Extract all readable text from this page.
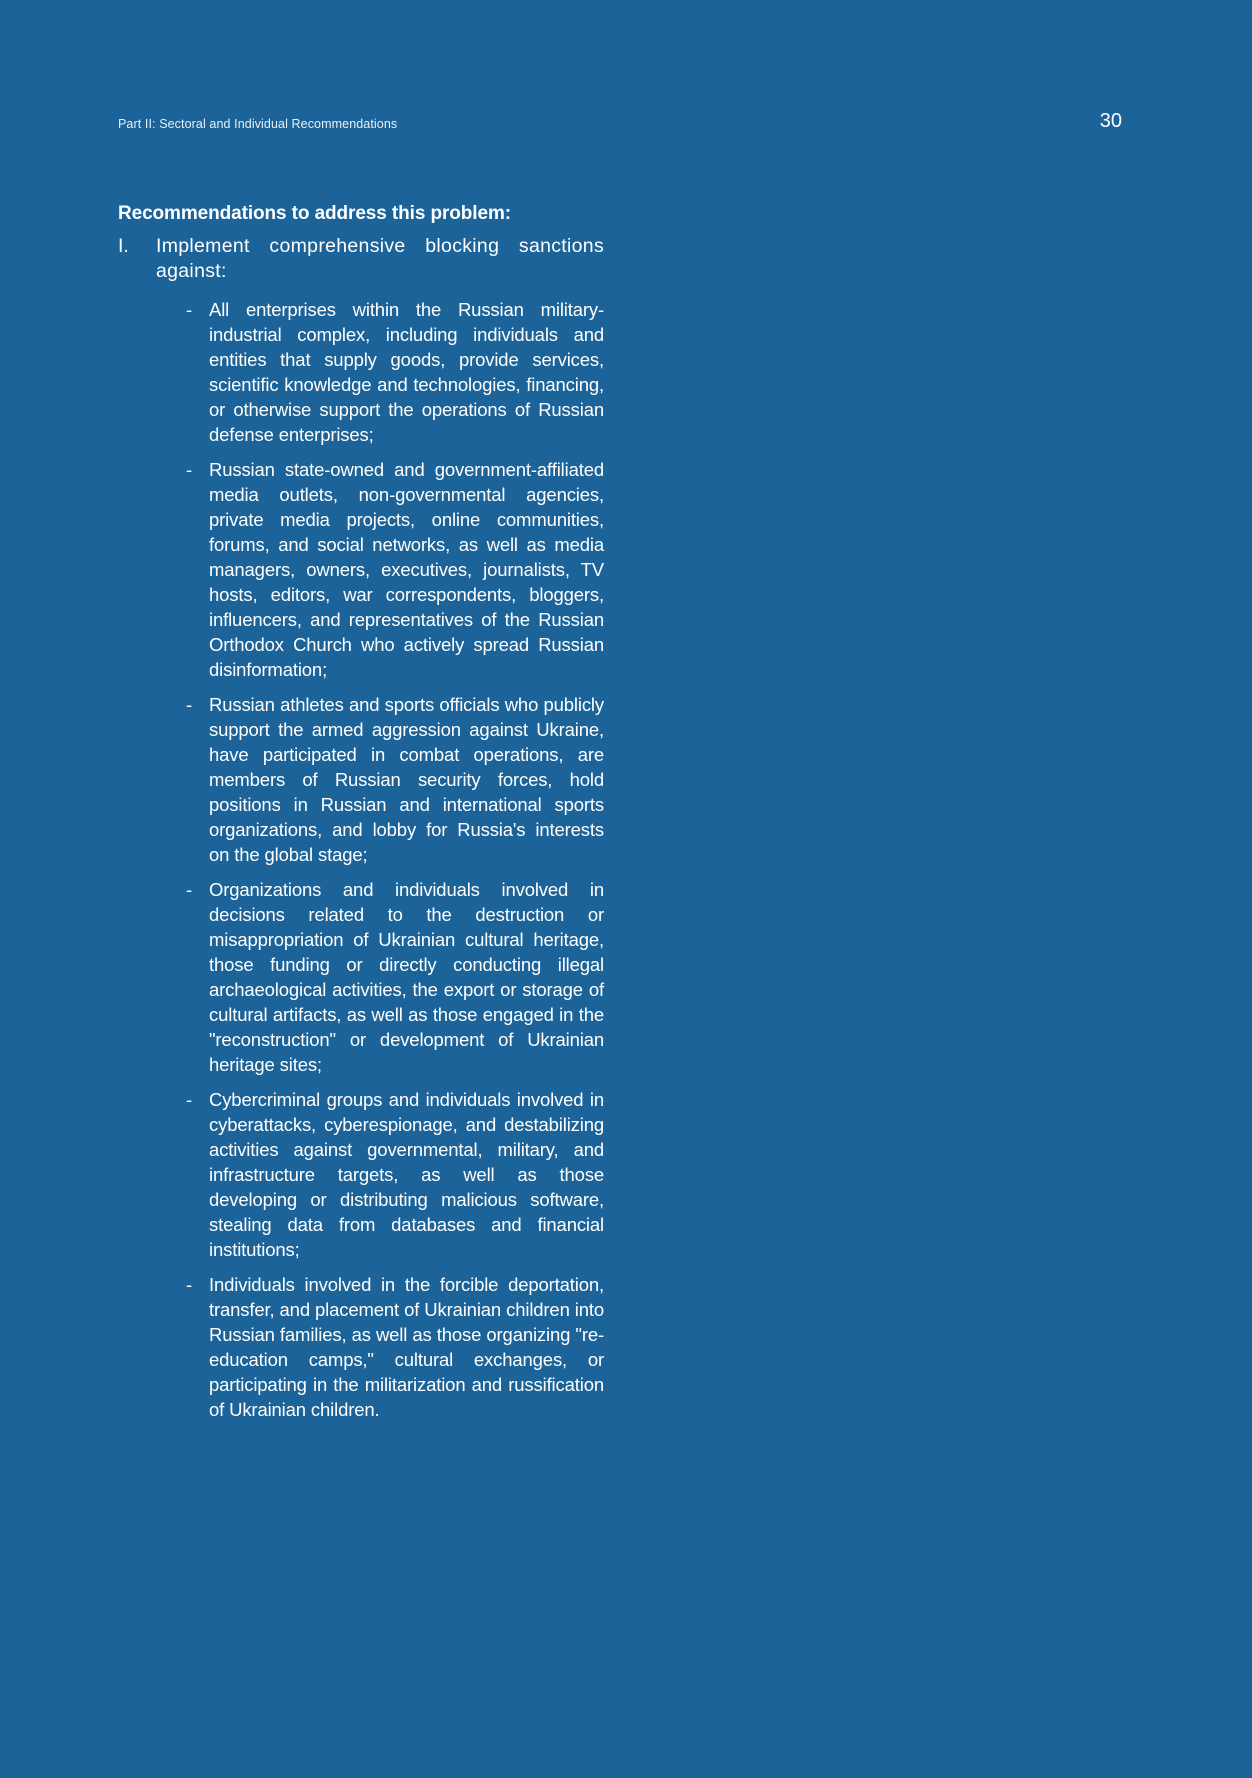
Part II: Sectoral and Individual Recommendations	30
Recommendations to address this problem:
I.	Implement comprehensive blocking sanctions against:
- All enterprises within the Russian military-industrial complex, including individuals and entities that supply goods, provide services, scientific knowledge and technologies, financing, or otherwise support the operations of Russian defense enterprises;
- Russian state-owned and government-affiliated media outlets, non-governmental agencies, private media projects, online communities, forums, and social networks, as well as media managers, owners, executives, journalists, TV hosts, editors, war correspondents, bloggers, influencers, and representatives of the Russian Orthodox Church who actively spread Russian disinformation;
- Russian athletes and sports officials who publicly support the armed aggression against Ukraine, have participated in combat operations, are members of Russian security forces, hold positions in Russian and international sports organizations, and lobby for Russia's interests on the global stage;
- Organizations and individuals involved in decisions related to the destruction or misappropriation of Ukrainian cultural heritage, those funding or directly conducting illegal archaeological activities, the export or storage of cultural artifacts, as well as those engaged in the "reconstruction" or development of Ukrainian heritage sites;
- Cybercriminal groups and individuals involved in cyberattacks, cyberespionage, and destabilizing activities against governmental, military, and infrastructure targets, as well as those developing or distributing malicious software, stealing data from databases and financial institutions;
- Individuals involved in the forcible deportation, transfer, and placement of Ukrainian children into Russian families, as well as those organizing "re-education camps," cultural exchanges, or participating in the militarization and russification of Ukrainian children.
